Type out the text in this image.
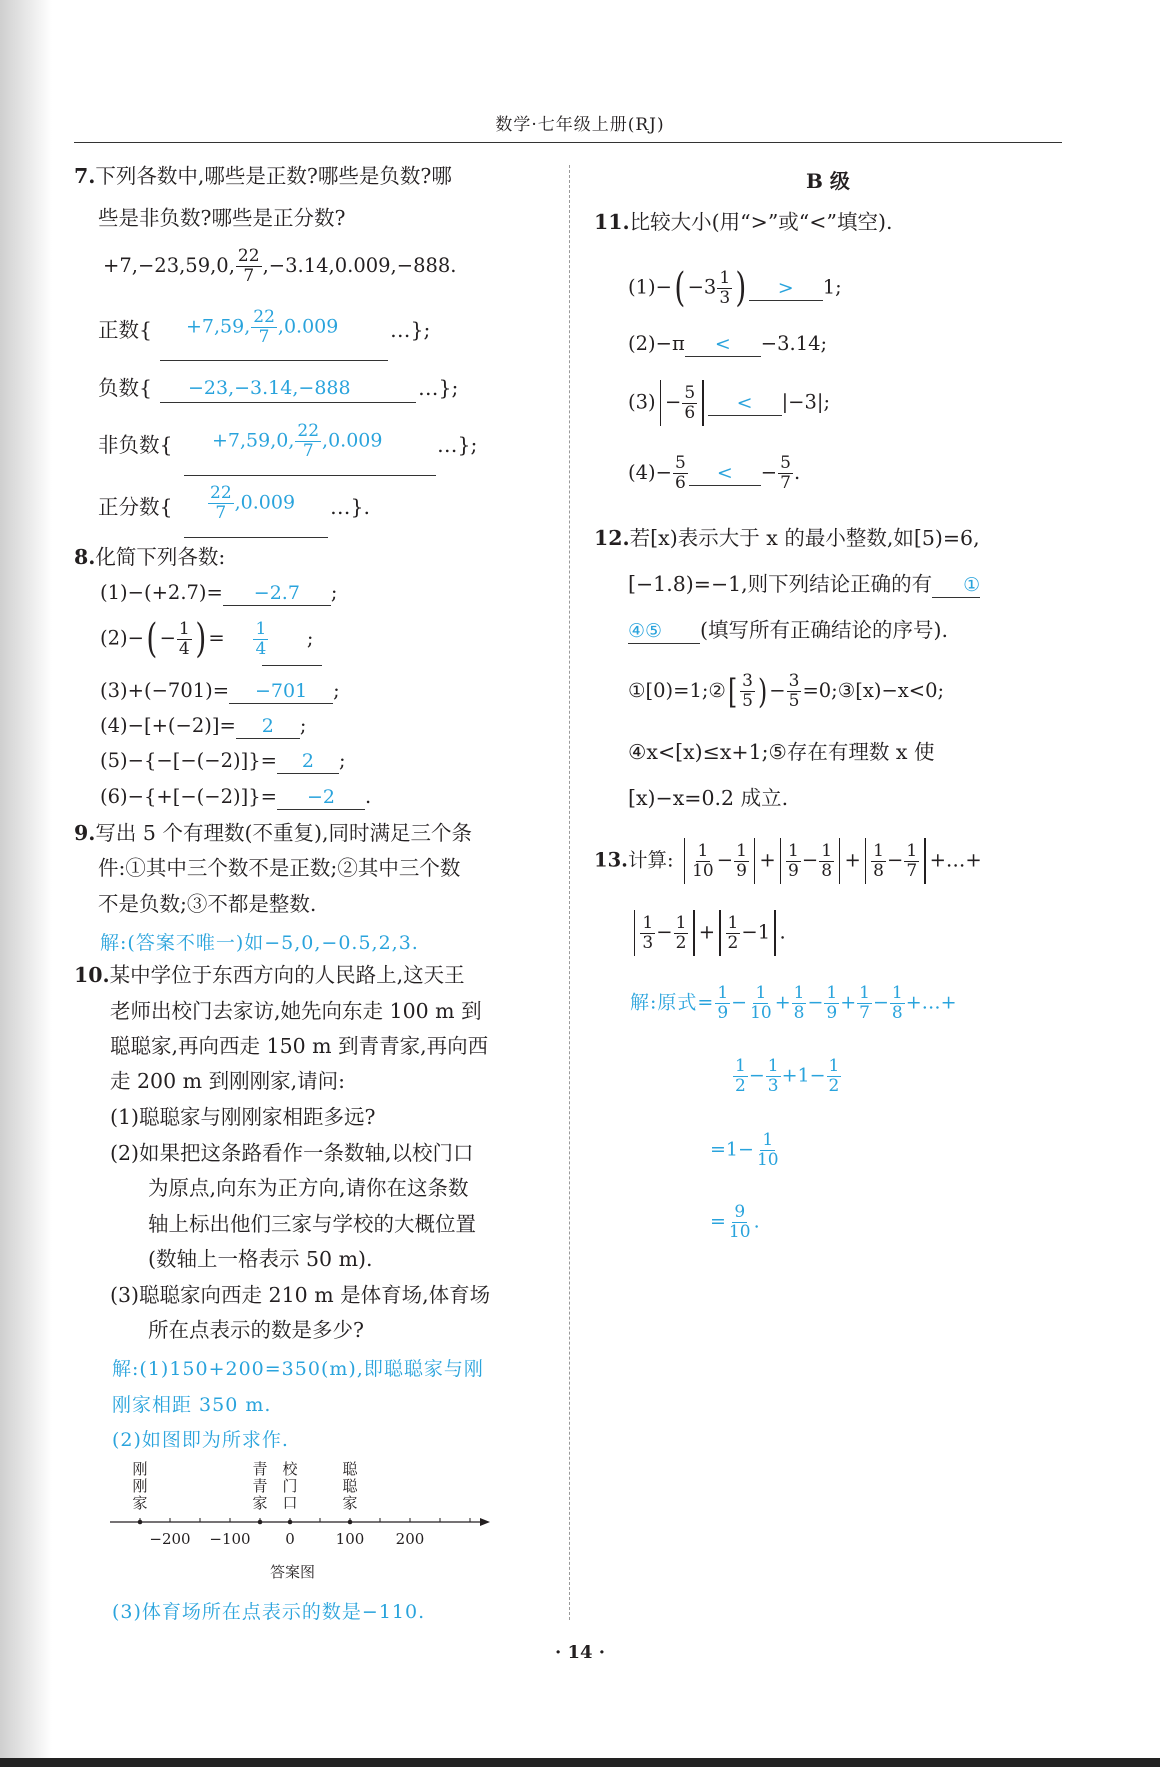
数学·七年级上册(RJ)
7.下列各数中,哪些是正数?哪些是负数?哪
些是非负数?哪些是正分数?
+7,−23,59,0, $\frac{22}{7} ,-3.14,0.009,-888$.
正数{ +7,59, $\frac{22}{7} ,0.009$	…};
负数{ −23,−3.14,−888	…};
非负数{ +7,59,0, $\frac{22}{7} ,0.009$	…};
正分数{ $\frac{22}{7} ,0.009$ …}.
8.化简下列各数:
(1)−(+2.7)= −2.7 ;
$(2)-( - \frac{1}{4}$ ) = $\frac{1}{4}$ ;
(3)+(−701)= −701 ;
(4)−[+(−2)]= 2 ;
(5)−{−[−(−2)]}= 2 ;
(6)−{+[−(−2)]}= −2 .
9.写出 5 个有理数(不重复),同时满足三个条
件:①其中三个数不是正数;②其中三个数
不是负数;③不都是整数.
解:(答案不唯一)如−5,0,−0.5,2,3.
10.某中学位于东西方向的人民路上,这天王
老师出校门去家访,她先向东走 100 m 到
聪聪家,再向西走 150 m 到青青家,再向西
走 200 m 到刚刚家,请问:
(1)聪聪家与刚刚家相距多远?
(2)如果把这条路看作一条数轴,以校门口
为原点,向东为正方向,请你在这条数
轴上标出他们三家与学校的大概位置
(数轴上一格表示 50 m).
(3)聪聪家向西走 210 m 是体育场,体育场
所在点表示的数是多少?
解:(1)150+200=350(m),即聪聪家与刚
刚家相距 350 m.
(2)如图即为所求作.
−200 −100 0	100 200
刚
刚
家
青
青
家
校
门
口
聪
聪
家
答案图
(3)体育场所在点表示的数是−110.
B 级
11.比较大小(用“>”或“<”填空).
$(1)-( -3 \frac{1}{3}$ ) > 1;
(2)−π < −3.14;
$(3) - \frac{5}{6} < |-3|$;
$(4)- \frac{5}{6}$ < − $\frac{5}{7}$ .
12.若[x)表示大于 x 的最小整数,如[5)=6,
[−1.8)=−1,则下列结论正确的有 ①
④⑤ (填写所有正确结论的序号).
①[0)=1;②[ $\frac{3}{5}$ ) − $\frac{3}{5}$ =0;③[x)−x<0;
④x<[x)≤x+1;⑤存在有理数 x 使
[x)−x=0.2 成立.
13.计算: $\frac{1}{10} - \frac{1}{9} + \frac{1}{9} - \frac{1}{8} + \frac{1}{8} - \frac{1}{7}$ +…+
$\frac{1}{3} - \frac{1}{2} + \frac{1}{2} -1$ .
解:原式= $\frac{1}{9} - \frac{1}{10} + \frac{1}{8} - \frac{1}{9} + \frac{1}{7} - \frac{1}{8}$ +…+
$\frac{1}{2} - \frac{1}{3} +1- \frac{1}{2}$
$=1- \frac{1}{10}$
= $\frac{9}{10}$ .
· 14 ·
